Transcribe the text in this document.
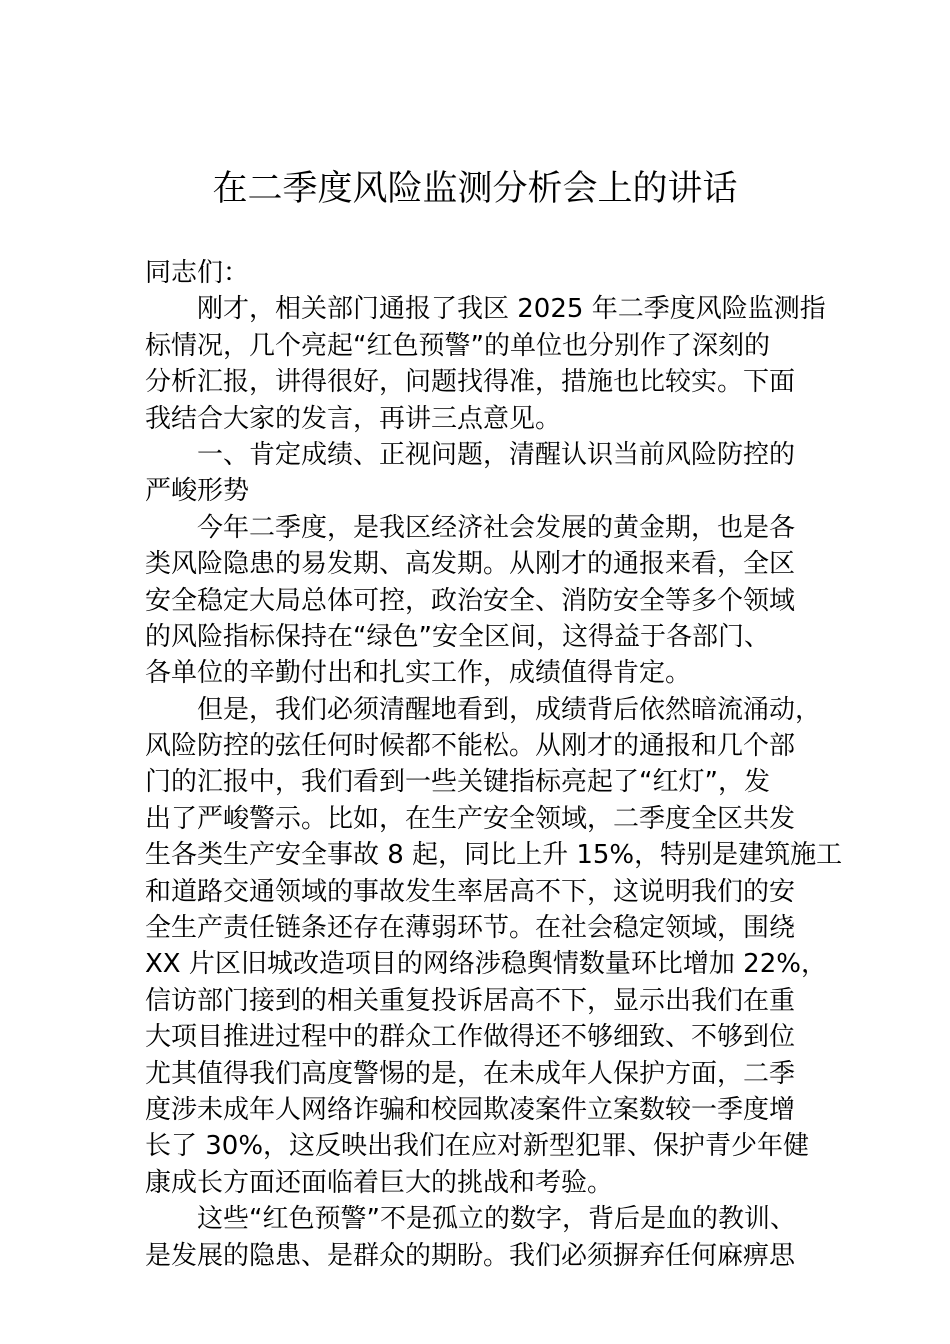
在二季度风险监测分析会上的讲话
同志们：
刚才，相关部门通报了我区 2025 年二季度风险监测指
标情况，几个亮起“红色预警”的单位也分别作了深刻的
分析汇报，讲得很好，问题找得准，措施也比较实。下面
我结合大家的发言，再讲三点意见。
一、肯定成绩、正视问题，清醒认识当前风险防控的
严峻形势
今年二季度，是我区经济社会发展的黄金期，也是各
类风险隐患的易发期、高发期。从刚才的通报来看，全区
安全稳定大局总体可控，政治安全、消防安全等多个领域
的风险指标保持在“绿色”安全区间，这得益于各部门、
各单位的辛勤付出和扎实工作，成绩值得肯定。
但是，我们必须清醒地看到，成绩背后依然暗流涌动，
风险防控的弦任何时候都不能松。从刚才的通报和几个部
门的汇报中，我们看到一些关键指标亮起了“红灯”，发
出了严峻警示。比如，在生产安全领域，二季度全区共发
生各类生产安全事故 8 起，同比上升 15%，特别是建筑施工
和道路交通领域的事故发生率居高不下，这说明我们的安
全生产责任链条还存在薄弱环节。在社会稳定领域，围绕
XX 片区旧城改造项目的网络涉稳舆情数量环比增加 22%，
信访部门接到的相关重复投诉居高不下，显示出我们在重
大项目推进过程中的群众工作做得还不够细致、不够到位
尤其值得我们高度警惕的是，在未成年人保护方面，二季
度涉未成年人网络诈骗和校园欺凌案件立案数较一季度增
长了 30%，这反映出我们在应对新型犯罪、保护青少年健
康成长方面还面临着巨大的挑战和考验。
这些“红色预警”不是孤立的数字，背后是血的教训、
是发展的隐患、是群众的期盼。我们必须摒弃任何麻痹思
